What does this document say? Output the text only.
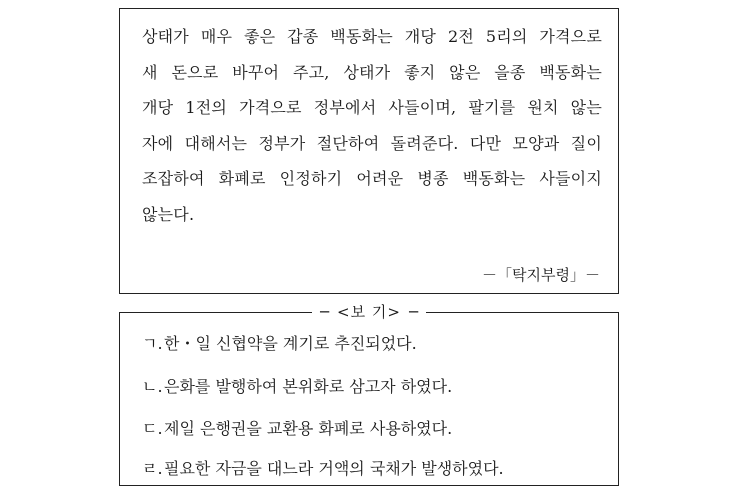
상태가 매우 좋은 갑종 백동화는 개당 2전 5리의 가격으로
새 돈으로 바꾸어 주고, 상태가 좋지 않은 을종 백동화는
개당 1전의 가격으로 정부에서 사들이며, 팔기를 원치 않는
자에 대해서는 정부가 절단하여 돌려준다. 다만 모양과 질이
조잡하여 화폐로 인정하기 어려운 병종 백동화는 사들이지
않는다.
－「탁지부령」－
─ <보 기> ─
ㄱ.한・일 신협약을 계기로 추진되었다.
ㄴ.은화를 발행하여 본위화로 삼고자 하였다.
ㄷ.제일 은행권을 교환용 화폐로 사용하였다.
ㄹ.필요한 자금을 대느라 거액의 국채가 발생하였다.
